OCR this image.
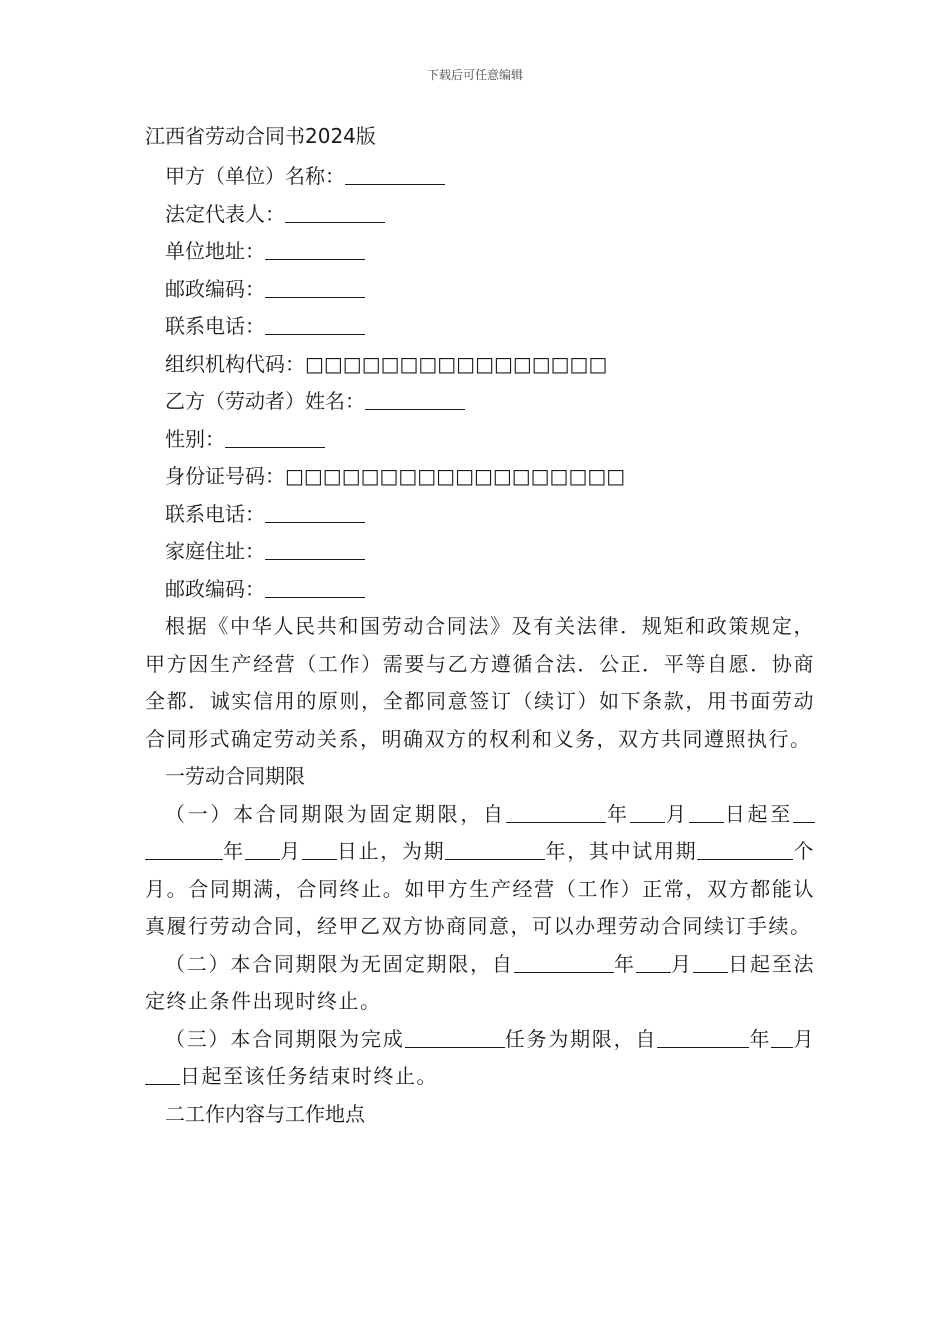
下载后可任意编辑
江西省劳动合同书2024版
甲方（单位）名称：
法定代表人：
单位地址：
邮政编码：
联系电话：
组织机构代码：□□□□□□□□□□□□□□□□
乙方（劳动者）姓名：
性别：
身份证号码：□□□□□□□□□□□□□□□□□□
联系电话：
家庭住址：
邮政编码：

根据《中华人民共和国劳动合同法》及有关法律．规矩和政策规定，甲方因生产经营（工作）需要与乙方遵循合法．公正．平等自愿．协商全都．诚实信用的原则，全都同意签订（续订）如下条款，用书面劳动合同形式确定劳动关系，明确双方的权利和义务，双方共同遵照执行。

一劳动合同期限

（一）本合同期限为固定期限，自	年 月 日起至年 月 日止，为期	年，其中试用期	个月。合同期满，合同终止。如甲方生产经营（工作）正常，双方都能认真履行劳动合同，经甲乙双方协商同意，可以办理劳动合同续订手续。

（二）本合同期限为无固定期限，自	年 月 日起至法定终止条件出现时终止。

（三）本合同期限为完成	任务为期限，自	年 月日起至该任务结束时终止。

二工作内容与工作地点
